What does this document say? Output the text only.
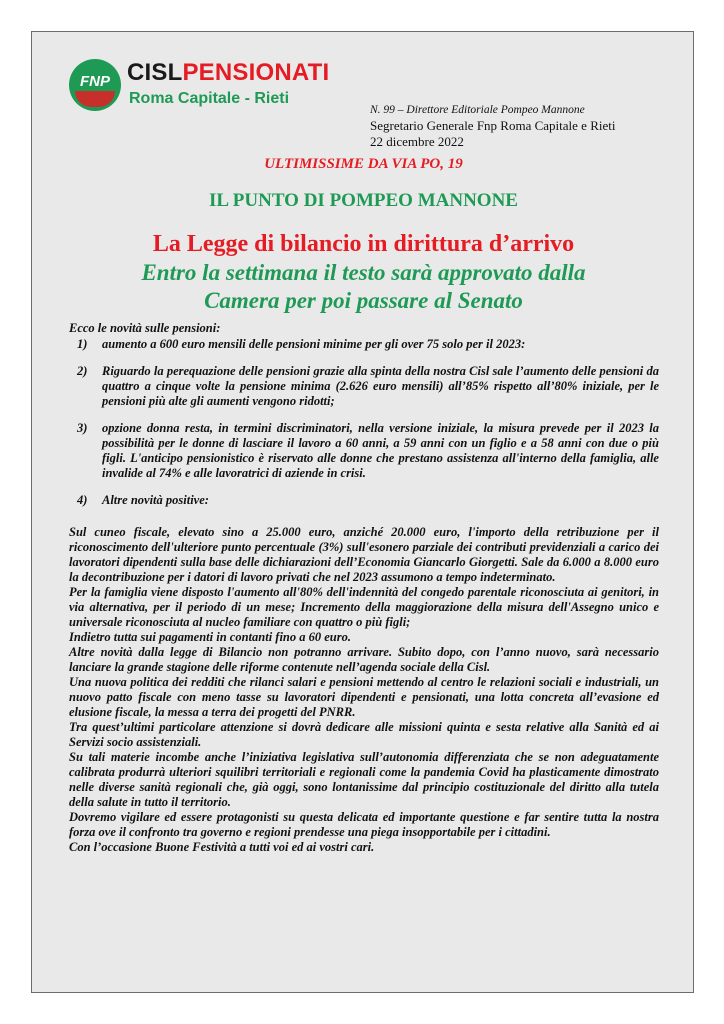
FNP CISLPENSIONATI
Roma Capitale - Rieti
N. 99 – Direttore Editoriale Pompeo Mannone
Segretario Generale Fnp Roma Capitale e Rieti
22 dicembre 2022
ULTIMISSIME DA VIA PO, 19
IL PUNTO DI POMPEO MANNONE
La Legge di bilancio in dirittura d’arrivo
Entro la settimana il testo sarà approvato dalla
Camera per poi passare al Senato

Ecco le novità sulle pensioni:

1) aumento a 600 euro mensili delle pensioni minime per gli over 75 solo per il 2023:
2) Riguardo la perequazione delle pensioni grazie alla spinta della nostra Cisl sale l’aumento delle pensioni da quattro a cinque volte la pensione minima (2.626 euro mensili) all’85% rispetto all’80% iniziale, per le pensioni più alte gli aumenti vengono ridotti;
3) opzione donna resta, in termini discriminatori, nella versione iniziale, la misura prevede per il 2023 la possibilità per le donne di lasciare il lavoro a 60 anni, a 59 anni con un figlio e a 58 anni con due o più figli. L'anticipo pensionistico è riservato alle donne che prestano assistenza all'interno della famiglia, alle invalide al 74% e alle lavoratrici di aziende in crisi.
4) Altre novità positive:

Sul cuneo fiscale, elevato sino a 25.000 euro, anziché 20.000 euro, l'importo della retribuzione per il riconoscimento dell'ulteriore punto percentuale (3%) sull'esonero parziale dei contributi previdenziali a carico dei lavoratori dipendenti sulla base delle dichiarazioni dell’Economia Giancarlo Giorgetti. Sale da 6.000 a 8.000 euro la decontribuzione per i datori di lavoro privati che nel 2023 assumono a tempo indeterminato.

Per la famiglia viene disposto l'aumento all'80% dell'indennità del congedo parentale riconosciuta ai genitori, in via alternativa, per il periodo di un mese; Incremento della maggiorazione della misura dell'Assegno unico e universale riconosciuta al nucleo familiare con quattro o più figli;

Indietro tutta sui pagamenti in contanti fino a 60 euro.

Altre novità dalla legge di Bilancio non potranno arrivare. Subito dopo, con l’anno nuovo, sarà necessario lanciare la grande stagione delle riforme contenute nell’agenda sociale della Cisl.

Una nuova politica dei redditi che rilanci salari e pensioni mettendo al centro le relazioni sociali e industriali, un nuovo patto fiscale con meno tasse su lavoratori dipendenti e pensionati, una lotta concreta all’evasione ed elusione fiscale, la messa a terra dei progetti del PNRR.

Tra quest’ultimi particolare attenzione si dovrà dedicare alle missioni quinta e sesta relative alla Sanità ed ai Servizi socio assistenziali.

Su tali materie incombe anche l’iniziativa legislativa sull’autonomia differenziata che se non adeguatamente calibrata produrrà ulteriori squilibri territoriali e regionali come la pandemia Covid ha plasticamente dimostrato nelle diverse sanità regionali che, già oggi, sono lontanissime dal principio costituzionale del diritto alla tutela della salute in tutto il territorio.

Dovremo vigilare ed essere protagonisti su questa delicata ed importante questione e far sentire tutta la nostra forza ove il confronto tra governo e regioni prendesse una piega insopportabile per i cittadini.

Con l’occasione Buone Festività a tutti voi ed ai vostri cari.
